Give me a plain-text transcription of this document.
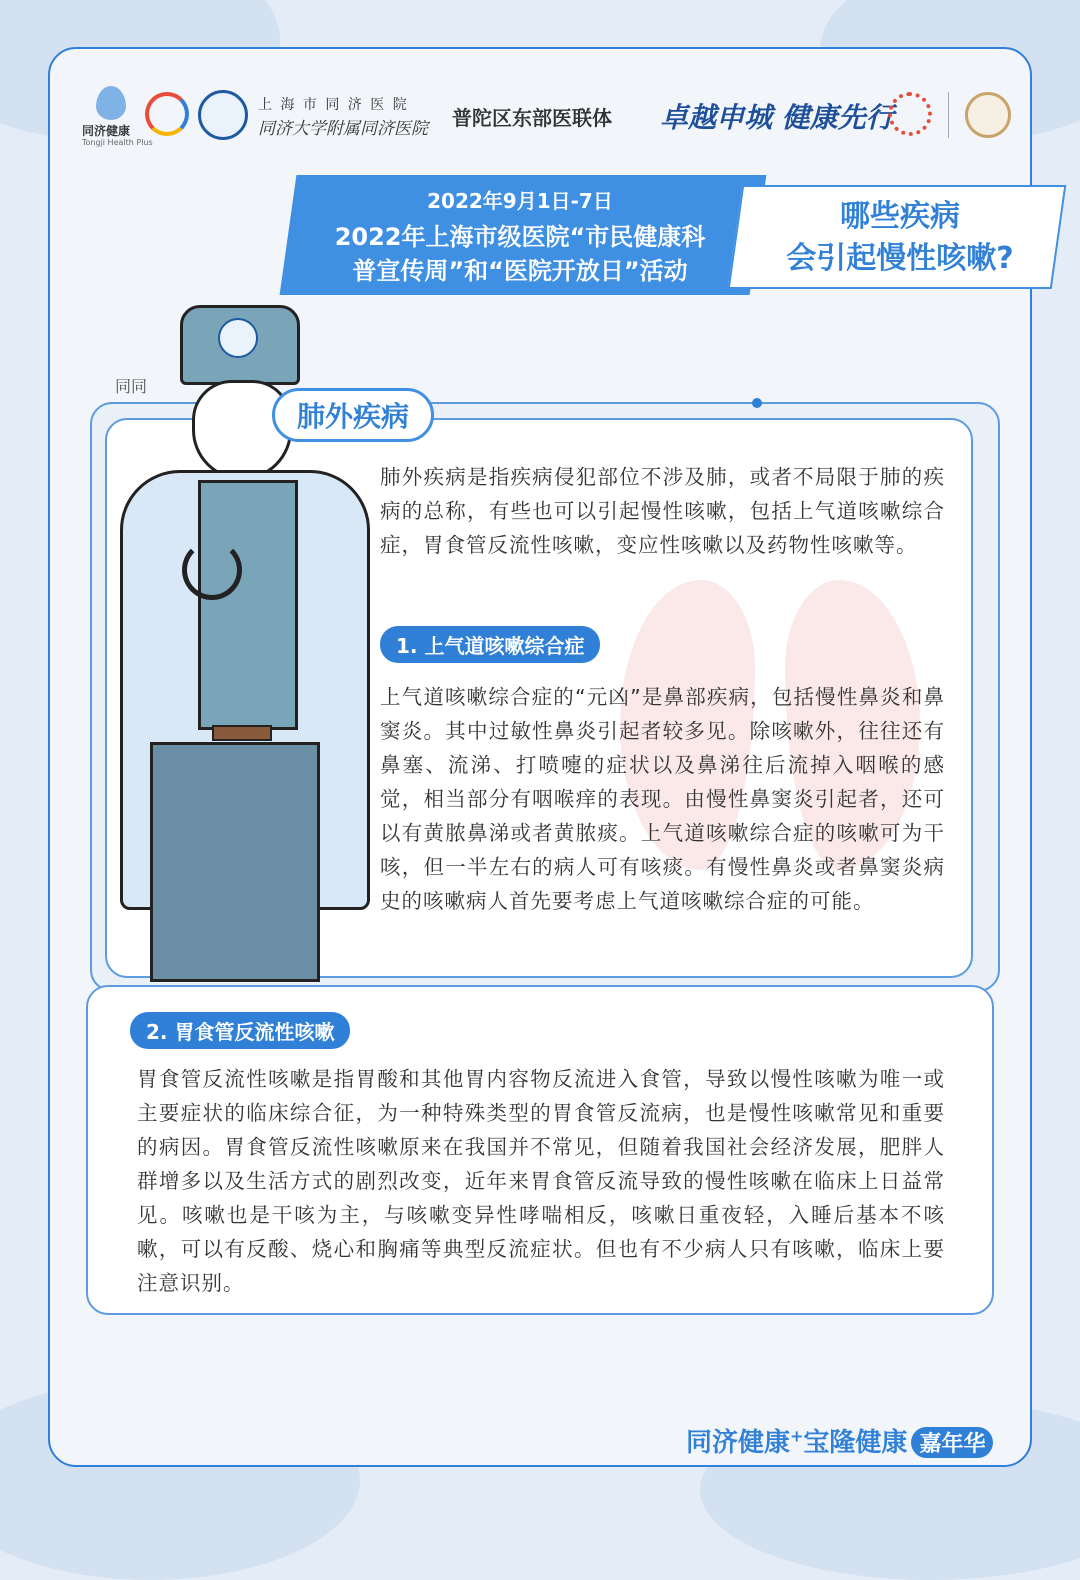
同济健康
Tongji Health Plus
上 海 市 同 济 医 院
同济大学附属同济医院 普陀区东部医联体 卓越申城 健康先行
2022年9月1日-7日
2022年上海市级医院“市民健康科
普宣传周”和“医院开放日”活动
哪些疾病
会引起慢性咳嗽?
同同
肺外疾病
肺外疾病是指疾病侵犯部位不涉及肺，或者不局限于肺的疾病的总称，有些也可以引起慢性咳嗽，包括上气道咳嗽综合症，胃食管反流性咳嗽，变应性咳嗽以及药物性咳嗽等。
1. 上气道咳嗽综合症
上气道咳嗽综合症的“元凶”是鼻部疾病，包括慢性鼻炎和鼻窦炎。其中过敏性鼻炎引起者较多见。除咳嗽外，往往还有鼻塞、流涕、打喷嚏的症状以及鼻涕往后流掉入咽喉的感觉，相当部分有咽喉痒的表现。由慢性鼻窦炎引起者，还可以有黄脓鼻涕或者黄脓痰。上气道咳嗽综合症的咳嗽可为干咳，但一半左右的病人可有咳痰。有慢性鼻炎或者鼻窦炎病史的咳嗽病人首先要考虑上气道咳嗽综合症的可能。
2. 胃食管反流性咳嗽
胃食管反流性咳嗽是指胃酸和其他胃内容物反流进入食管，导致以慢性咳嗽为唯一或主要症状的临床综合征，为一种特殊类型的胃食管反流病，也是慢性咳嗽常见和重要的病因。胃食管反流性咳嗽原来在我国并不常见，但随着我国社会经济发展，肥胖人群增多以及生活方式的剧烈改变，近年来胃食管反流导致的慢性咳嗽在临床上日益常见。咳嗽也是干咳为主，与咳嗽变异性哮喘相反，咳嗽日重夜轻，入睡后基本不咳嗽，可以有反酸、烧心和胸痛等典型反流症状。但也有不少病人只有咳嗽，临床上要注意识别。
同济健康+宝隆健康 嘉年华
